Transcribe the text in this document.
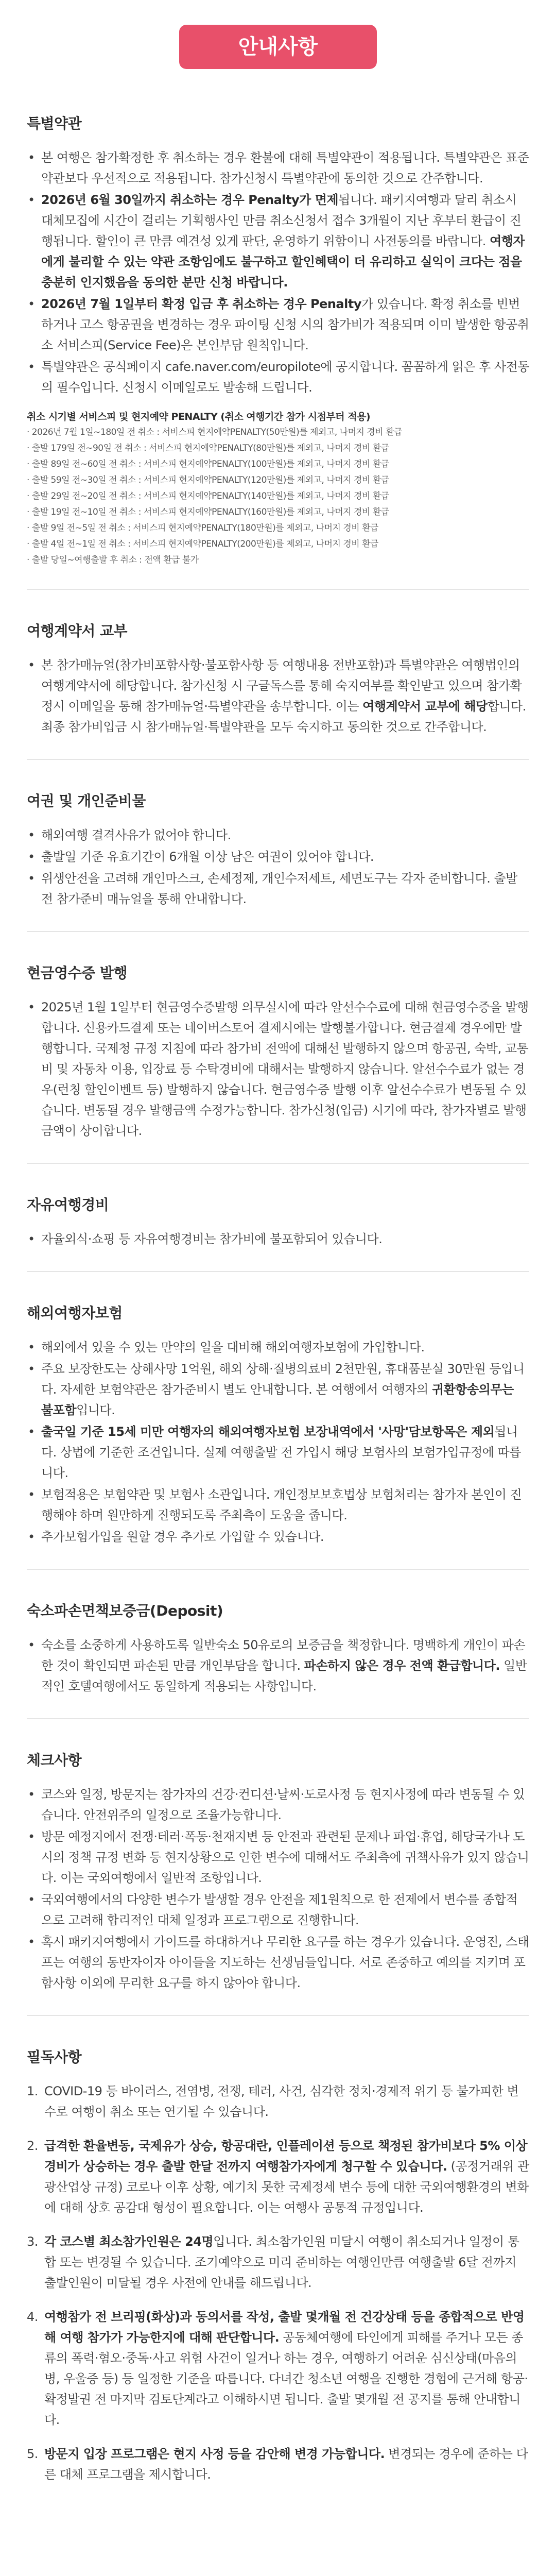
안내사항
특별약관
• 본 여행은 참가확정한 후 취소하는 경우 환불에 대해 특별약관이 적용됩니다. 특별약관은 표준약관보다 우선적으로 적용됩니다. 참가신청시 특별약관에 동의한 것으로 간주합니다.
• 2026년 6월 30일까지 취소하는 경우 Penalty가 면제됩니다. 패키지여행과 달리 취소시 대체모집에 시간이 걸리는 기획행사인 만큼 취소신청서 접수 3개월이 지난 후부터 환급이 진행됩니다. 할인이 큰 만큼 예견성 있게 판단, 운영하기 위함이니 사전동의를 바랍니다. 여행자에게 불리할 수 있는 약관 조항임에도 불구하고 할인혜택이 더 유리하고 실익이 크다는 점을 충분히 인지했음을 동의한 분만 신청 바랍니다.
• 2026년 7월 1일부터 확정 입금 후 취소하는 경우 Penalty가 있습니다. 확정 취소를 빈번하거나 고스 항공권을 변경하는 경우 파이팅 신청 시의 참가비가 적용되며 이미 발생한 항공취소 서비스피(Service Fee)은 본인부담 원칙입니다.
• 특별약관은 공식페이지 cafe.naver.com/europilote에 공지합니다. 꼼꼼하게 읽은 후 사전동의 필수입니다. 신청시 이메일로도 발송해 드립니다.
취소 시기별 서비스피 및 현지예약 PENALTY (취소 여행기간 참가 시점부터 적용)
· 2026년 7월 1일~180일 전 취소 : 서비스피 현지예약PENALTY(50만원)를 제외고, 나머지 경비 환급
· 출발 179일 전~90일 전 취소 : 서비스피 현지예약PENALTY(80만원)를 제외고, 나머지 경비 환급
· 출발 89일 전~60일 전 취소 : 서비스피 현지예약PENALTY(100만원)를 제외고, 나머지 경비 환급
· 출발 59일 전~30일 전 취소 : 서비스피 현지예약PENALTY(120만원)를 제외고, 나머지 경비 환급
· 출발 29일 전~20일 전 취소 : 서비스피 현지예약PENALTY(140만원)를 제외고, 나머지 경비 환급
· 출발 19일 전~10일 전 취소 : 서비스피 현지예약PENALTY(160만원)를 제외고, 나머지 경비 환급
· 출발 9일 전~5일 전 취소 : 서비스피 현지예약PENALTY(180만원)를 제외고, 나머지 경비 환급
· 출발 4일 전~1일 전 취소 : 서비스피 현지예약PENALTY(200만원)를 제외고, 나머지 경비 환급
· 출발 당일~여행출발 후 취소 : 전액 환급 불가
여행계약서 교부
• 본 참가매뉴얼(참가비포함사항·불포함사항 등 여행내용 전반포함)과 특별약관은 여행법인의 여행계약서에 해당합니다. 참가신청 시 구글독스를 통해 숙지여부를 확인받고 있으며 참가확정시 이메일을 통해 참가매뉴얼·특별약관을 송부합니다. 이는 여행계약서 교부에 해당합니다. 최종 참가비입금 시 참가매뉴얼·특별약관을 모두 숙지하고 동의한 것으로 간주합니다.
여권 및 개인준비물
• 해외여행 결격사유가 없어야 합니다.
• 출발일 기준 유효기간이 6개월 이상 남은 여권이 있어야 합니다.
• 위생안전을 고려해 개인마스크, 손세정제, 개인수저세트, 세면도구는 각자 준비합니다. 출발 전 참가준비 매뉴얼을 통해 안내합니다.
현금영수증 발행
• 2025년 1월 1일부터 현금영수증발행 의무실시에 따라 알선수수료에 대해 현금영수증을 발행합니다. 신용카드결제 또는 네이버스토어 결제시에는 발행불가합니다. 현금결제 경우에만 발행합니다. 국제청 규정 지침에 따라 참가비 전액에 대해선 발행하지 않으며 항공권, 숙박, 교통비 및 자동차 이용, 입장료 등 수탁경비에 대해서는 발행하지 않습니다. 알선수수료가 없는 경우(런칭 할인이벤트 등) 발행하지 않습니다. 현금영수증 발행 이후 알선수수료가 변동될 수 있습니다. 변동될 경우 발행금액 수정가능합니다. 참가신청(입금) 시기에 따라, 참가자별로 발행금액이 상이합니다.
자유여행경비
• 자율외식·쇼핑 등 자유여행경비는 참가비에 불포함되어 있습니다.
해외여행자보험
• 해외에서 있을 수 있는 만약의 일을 대비해 해외여행자보험에 가입합니다.
• 주요 보장한도는 상해사망 1억원, 해외 상해·질병의료비 2천만원, 휴대품분실 30만원 등입니다. 자세한 보험약관은 참가준비시 별도 안내합니다. 본 여행에서 여행자의 귀환항송의무는 불포함입니다.
• 출국일 기준 15세 미만 여행자의 해외여행자보험 보장내역에서 '사망'담보항목은 제외됩니다. 상법에 기준한 조건입니다. 실제 여행출발 전 가입시 해당 보험사의 보험가입규정에 따릅니다.
• 보험적용은 보험약관 및 보험사 소관입니다. 개인정보보호법상 보험처리는 참가자 본인이 진행해야 하며 원만하게 진행되도록 주최측이 도움을 줍니다.
• 추가보험가입을 원할 경우 추가로 가입할 수 있습니다.
숙소파손면책보증금(Deposit)
• 숙소를 소중하게 사용하도록 일반숙소 50유로의 보증금을 책정합니다. 명백하게 개인이 파손한 것이 확인되면 파손된 만큼 개인부담을 합니다. 파손하지 않은 경우 전액 환급합니다. 일반적인 호텔여행에서도 동일하게 적용되는 사항입니다.
체크사항
• 코스와 일정, 방문지는 참가자의 건강·컨디션·날씨·도로사정 등 현지사정에 따라 변동될 수 있습니다. 안전위주의 일정으로 조율가능합니다.
• 방문 예정지에서 전쟁·테러·폭동·천재지변 등 안전과 관련된 문제나 파업·휴업, 해당국가나 도시의 정책 규정 변화 등 현지상황으로 인한 변수에 대해서도 주최측에 귀책사유가 있지 않습니다. 이는 국외여행에서 일반적 조항입니다.
• 국외여행에서의 다양한 변수가 발생할 경우 안전을 제1원칙으로 한 전제에서 변수를 종합적으로 고려해 합리적인 대체 일정과 프로그램으로 진행합니다.
• 혹시 패키지여행에서 가이드를 하대하거나 무리한 요구를 하는 경우가 있습니다. 운영진, 스태프는 여행의 동반자이자 아이들을 지도하는 선생님들입니다. 서로 존중하고 예의를 지키며 포함사항 이외에 무리한 요구를 하지 않아야 합니다.
필독사항
1. COVID-19 등 바이러스, 전염병, 전쟁, 테러, 사건, 심각한 정치·경제적 위기 등 불가피한 변수로 여행이 취소 또는 연기될 수 있습니다.
2. 급격한 환율변동, 국제유가 상승, 항공대란, 인플레이션 등으로 책정된 참가비보다 5% 이상 경비가 상승하는 경우 출발 한달 전까지 여행참가자에게 청구할 수 있습니다. (공정거래위 관광산업상 규정) 코로나 이후 상황, 예기치 못한 국제정세 변수 등에 대한 국외여행환경의 변화에 대해 상호 공감대 형성이 필요합니다. 이는 여행사 공통적 규정입니다.
3. 각 코스별 최소참가인원은 24명입니다. 최소참가인원 미달시 여행이 취소되거나 일정이 통합 또는 변경될 수 있습니다. 조기예약으로 미리 준비하는 여행인만큼 여행출발 6달 전까지 출발인원이 미달될 경우 사전에 안내를 해드립니다.
4. 여행참가 전 브리핑(화상)과 동의서를 작성, 출발 몇개월 전 건강상태 등을 종합적으로 반영해 여행 참가가 가능한지에 대해 판단합니다. 공동체여행에 타인에게 피해를 주거나 모든 종류의 폭력·혐오·중독·사고 위험 사건이 일거나 하는 경우, 여행하기 어려운 심신상태(마음의 병, 우울증 등) 등 일정한 기준을 따릅니다. 다녀간 청소년 여행을 진행한 경험에 근거해 항공·확정발권 전 마지막 검토단계라고 이해하시면 됩니다. 출발 몇개월 전 공지를 통해 안내합니다.
5. 방문지 입장 프로그램은 현지 사정 등을 감안해 변경 가능합니다. 변경되는 경우에 준하는 다른 대체 프로그램을 제시합니다.
